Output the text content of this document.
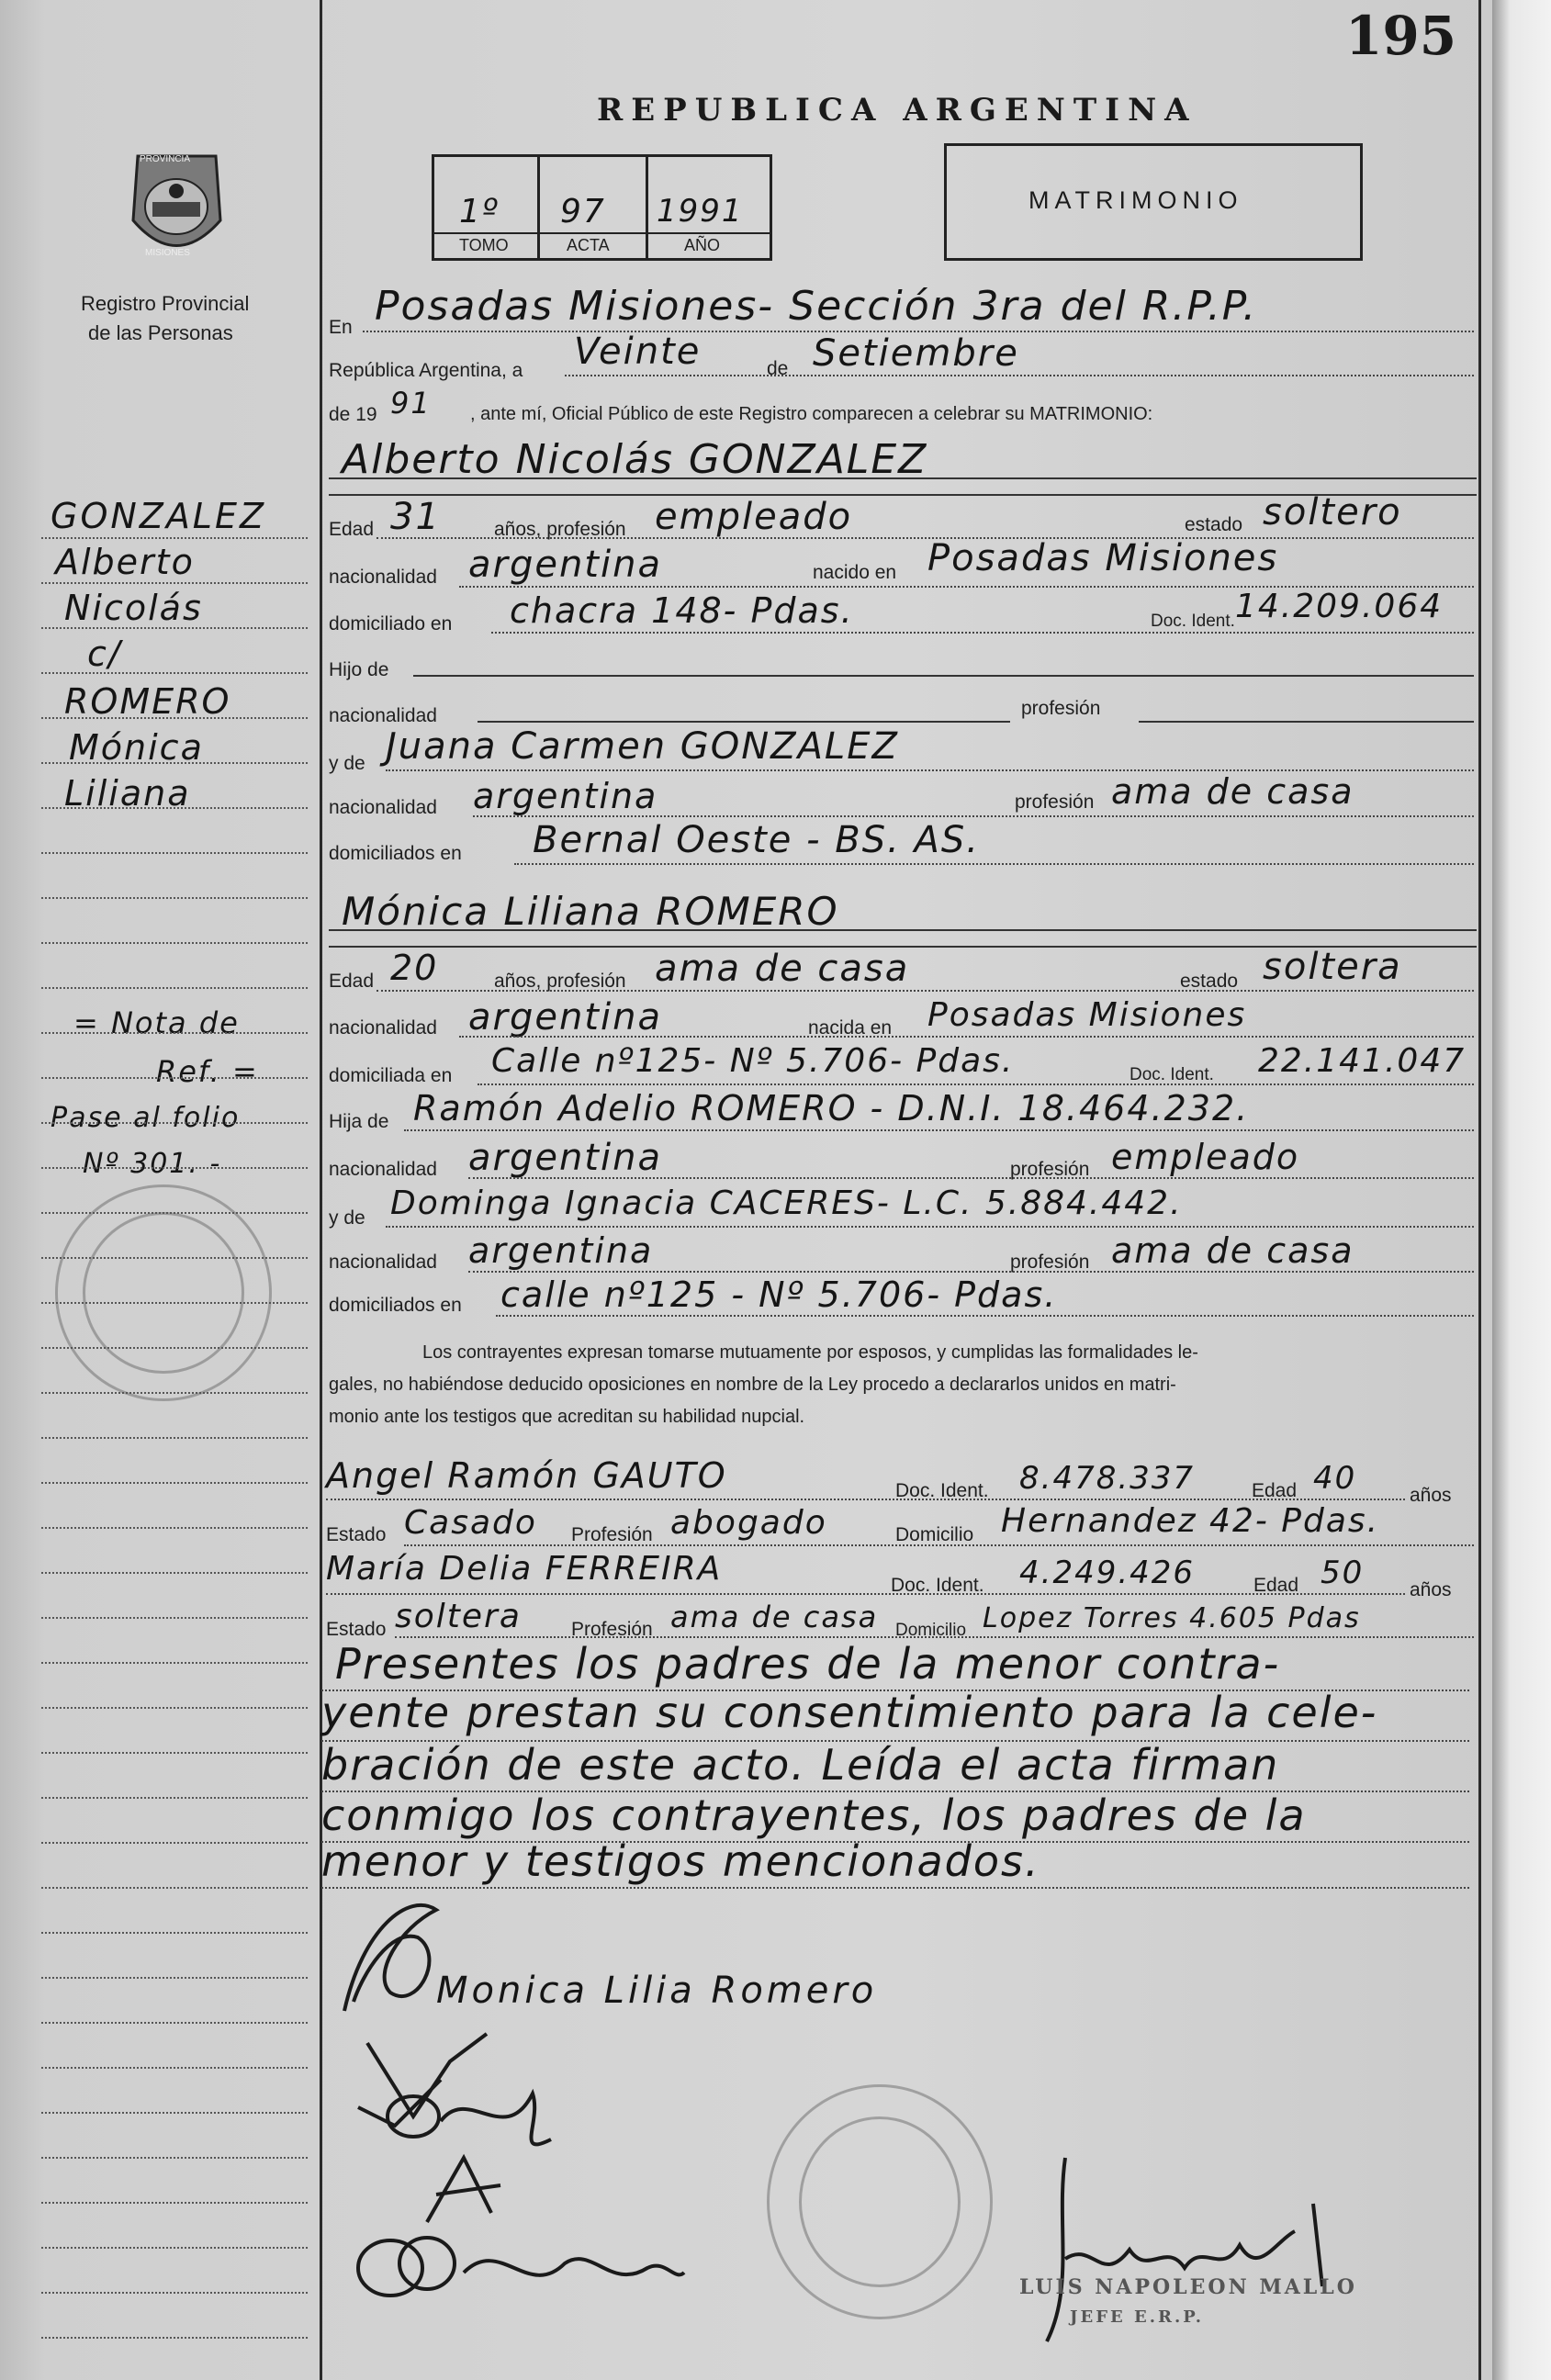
195
REPUBLICA ARGENTINA
PROVINCIA
MISIONES
Registro Provincial
de las Personas
1º 97 1991
TOMO	ACTA	AÑO
MATRIMONIO
En Posadas Misiones- Sección 3ra del R.P.P.
República Argentina, a Veinte	de Setiembre
de 19 91 , ante mí, Oficial Público de este Registro comparecen a celebrar su MATRIMONIO:
Alberto Nicolás GONZALEZ
Edad 31	años, profesión empleado	estado soltero
nacionalidad argentina	nacido en Posadas Misiones
domiciliado en chacra 148- Pdas.	Doc. Ident. 14.209.064
Hijo de
nacionalidad	profesión
y de Juana Carmen GONZALEZ
nacionalidad argentina	profesión ama de casa
domiciliados en Bernal Oeste - BS. AS.
Mónica Liliana ROMERO
Edad 20	años, profesión ama de casa	estado soltera
nacionalidad argentina	nacida en Posadas Misiones
domiciliada en Calle nº125- Nº 5.706- Pdas.	Doc. Ident. 22.141.047
Hija de Ramón Adelio ROMERO - D.N.I. 18.464.232.
nacionalidad argentina	profesión empleado
y de Dominga Ignacia CACERES- L.C. 5.884.442.
nacionalidad argentina	profesión ama de casa
domiciliados en calle nº125 - Nº 5.706- Pdas.
Los contrayentes expresan tomarse mutuamente por esposos, y cumplidas las formalidades le-
gales, no habiéndose deducido oposiciones en nombre de la Ley procedo a declararlos unidos en matri-
monio ante los testigos que acreditan su habilidad nupcial.
Angel Ramón GAUTO	Doc. Ident. 8.478.337	Edad 40	años
Estado Casado Profesión abogado	Domicilio Hernandez 42- Pdas.
María Delia FERREIRA	Doc. Ident. 4.249.426	Edad 50 años
Estado soltera	Profesión ama de casa Domicilio Lopez Torres 4.605 Pdas
Presentes los padres de la menor contra-
yente prestan su consentimiento para la cele-
bración de este acto. Leída el acta firman
conmigo los contrayentes, los padres de la
menor y testigos mencionados.
Monica Lilia Romero
LUIS NAPOLEON MALLO
JEFE E.R.P.
GONZALEZ
Alberto
Nicolás
c/
ROMERO
Mónica
Liliana
= Nota de
Ref. =
Pase al folio
Nº 301. -
